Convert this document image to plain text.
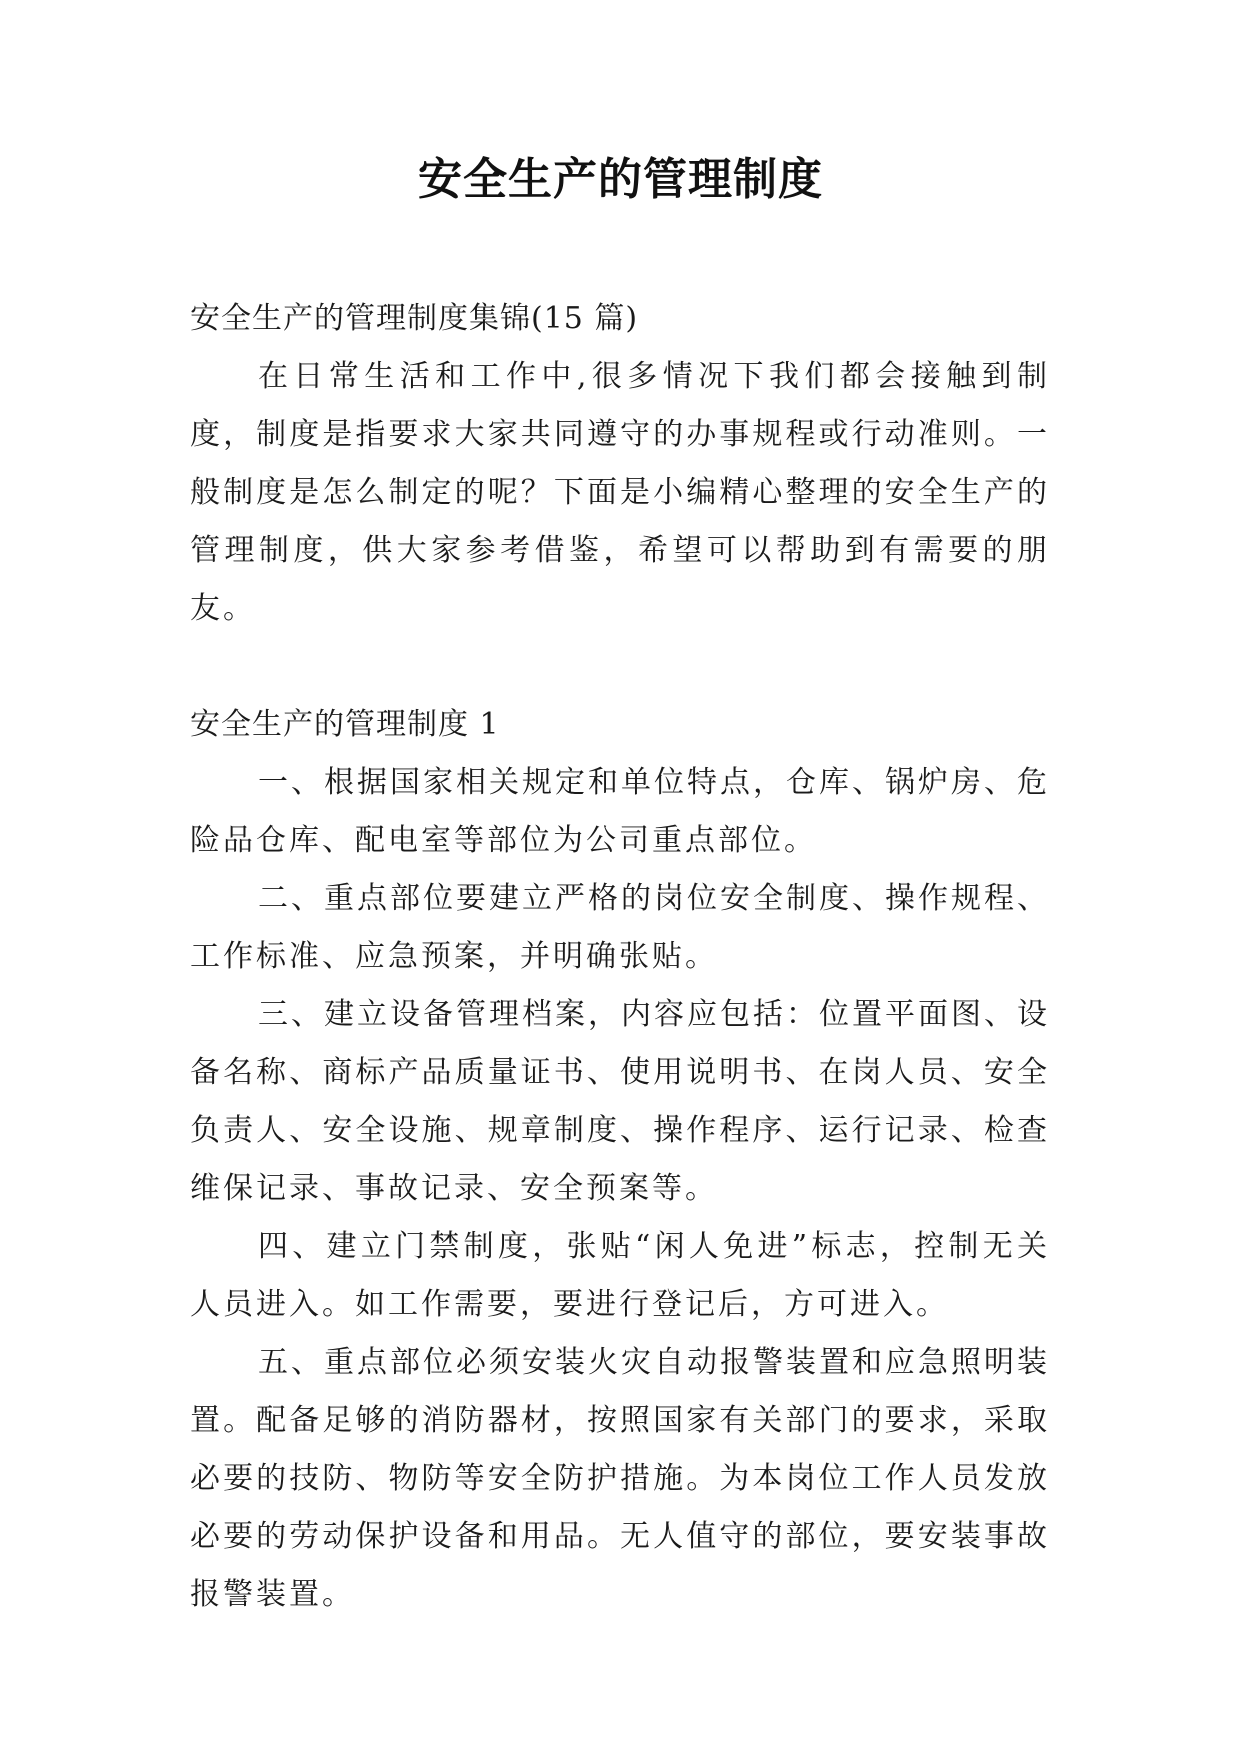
安全生产的管理制度

安全生产的管理制度集锦(15 篇)

在日常生活和工作中,很多情况下我们都会接触到制度，制度是指要求大家共同遵守的办事规程或行动准则。一般制度是怎么制定的呢？下面是小编精心整理的安全生产的管理制度，供大家参考借鉴，希望可以帮助到有需要的朋友。

安全生产的管理制度 1

一、根据国家相关规定和单位特点，仓库、锅炉房、危险品仓库、配电室等部位为公司重点部位。

二、重点部位要建立严格的岗位安全制度、操作规程、工作标准、应急预案，并明确张贴。

三、建立设备管理档案，内容应包括：位置平面图、设备名称、商标产品质量证书、使用说明书、在岗人员、安全负责人、安全设施、规章制度、操作程序、运行记录、检查维保记录、事故记录、安全预案等。

四、建立门禁制度，张贴“闲人免进”标志，控制无关人员进入。如工作需要，要进行登记后，方可进入。

五、重点部位必须安装火灾自动报警装置和应急照明装置。配备足够的消防器材，按照国家有关部门的要求，采取必要的技防、物防等安全防护措施。为本岗位工作人员发放必要的劳动保护设备和用品。无人值守的部位，要安装事故报警装置。
